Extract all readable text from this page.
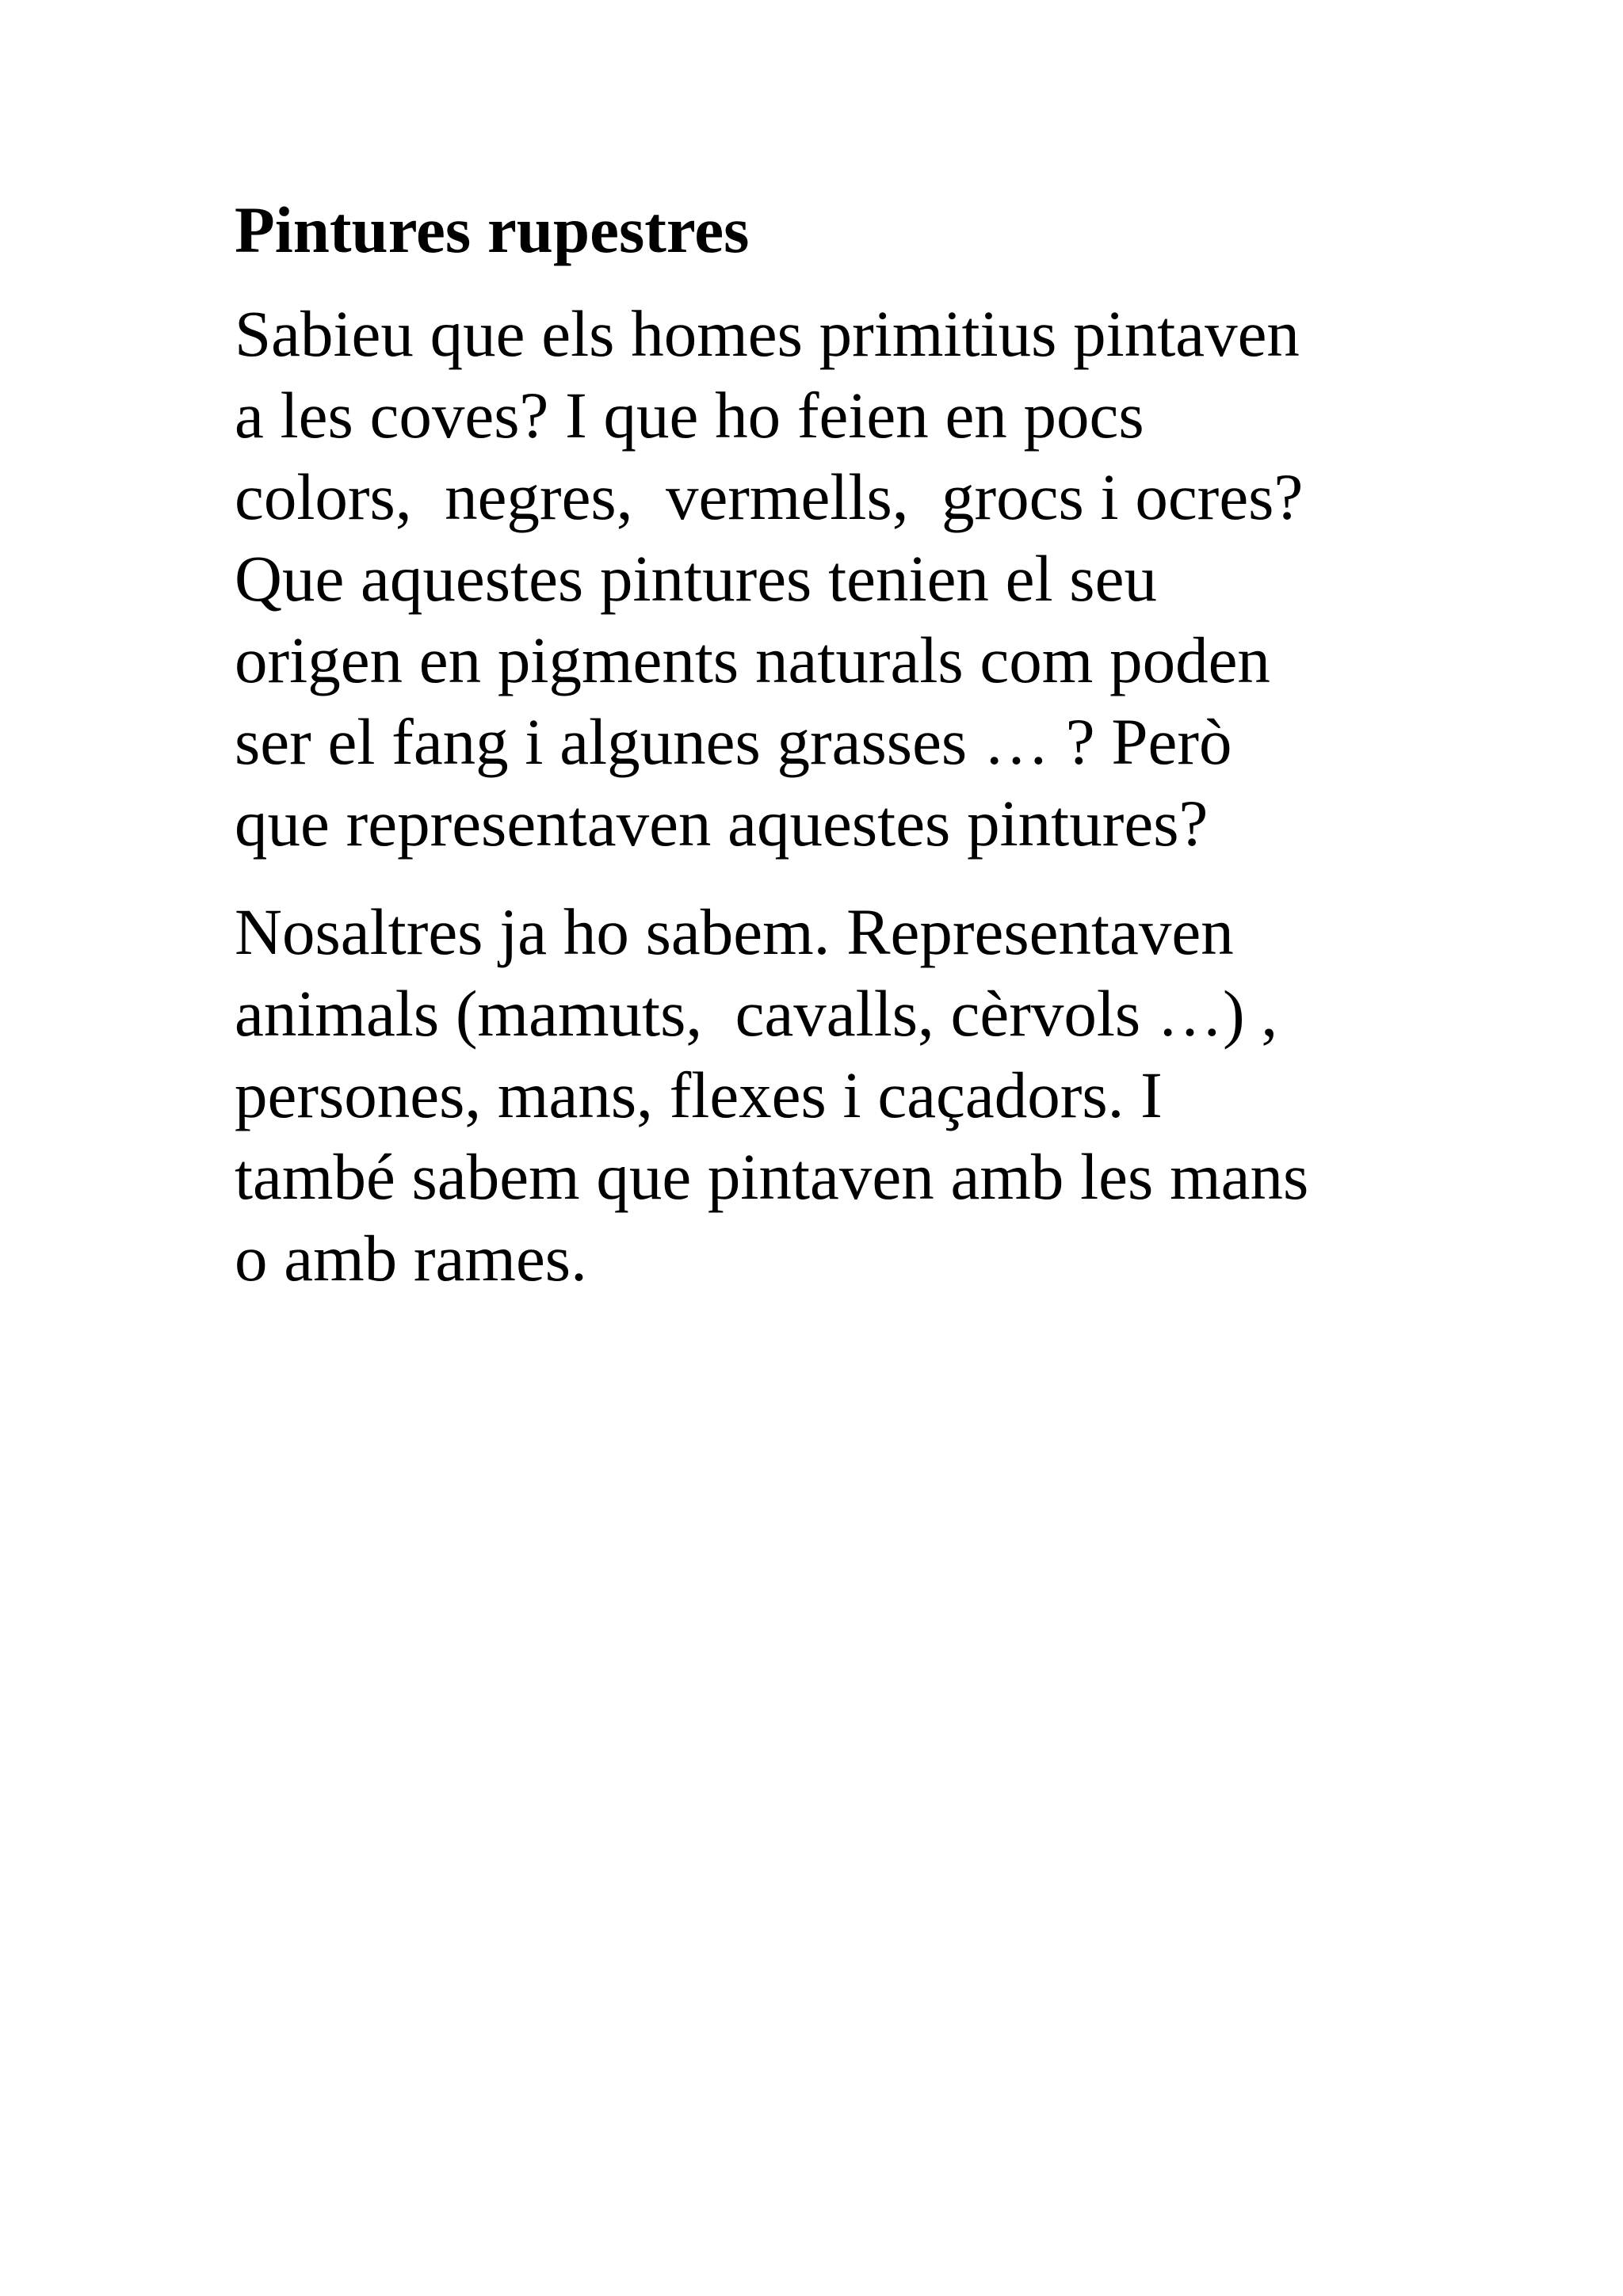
Pintures rupestres

Sabieu que els homes primitius pintaven
a les coves? I que ho feien en pocs
colors,  negres,  vermells,  grocs i ocres?
Que aquestes pintures tenien el seu
origen en pigments naturals com poden
ser el fang i algunes grasses … ? Però
que representaven aquestes pintures?

Nosaltres ja ho sabem. Representaven
animals (mamuts,  cavalls, cèrvols …) ,
persones, mans, flexes i caçadors. I
també sabem que pintaven amb les mans
o amb rames.
